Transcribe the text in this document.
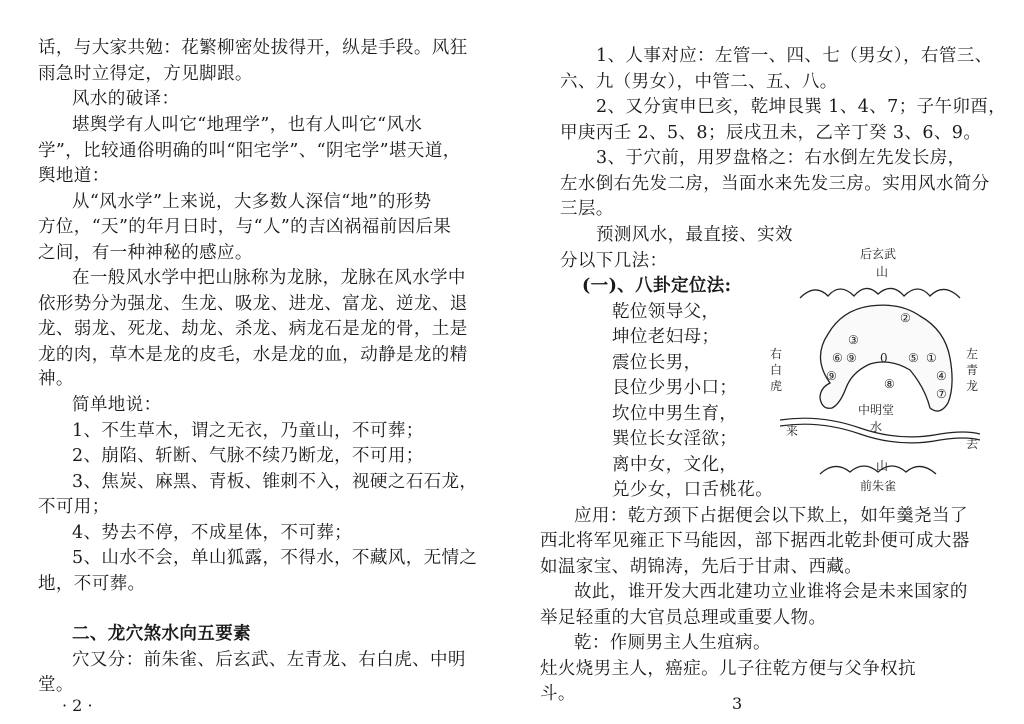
话，与大家共勉：花繁柳密处拔得开，纵是手段。风狂
雨急时立得定，方见脚跟。
风水的破译：
堪舆学有人叫它“地理学”，也有人叫它“风水
学”，比较通俗明确的叫“阳宅学”、“阴宅学”堪天道，
舆地道：
从“风水学”上来说，大多数人深信“地”的形势
方位，“天”的年月日时，与“人”的吉凶祸福前因后果
之间，有一种神秘的感应。
在一般风水学中把山脉称为龙脉，龙脉在风水学中
依形势分为强龙、生龙、吸龙、进龙、富龙、逆龙、退
龙、弱龙、死龙、劫龙、杀龙、病龙石是龙的骨，土是
龙的肉，草木是龙的皮毛，水是龙的血，动静是龙的精
神。
简单地说：
1、不生草木，谓之无衣，乃童山，不可葬；
2、崩陷、斩断、气脉不续乃断龙，不可用；
3、焦炭、麻黑、青板、锥刺不入，视硬之石石龙，
不可用；
4、势去不停，不成星体，不可葬；
5、山水不会，单山狐露，不得水，不藏风，无情之
地，不可葬。
二、龙穴煞水向五要素
穴又分：前朱雀、后玄武、左青龙、右白虎、中明
堂。
· 2 ·
1、人事对应：左管一、四、七（男女），右管三、
六、九（男女），中管二、五、八。
2、又分寅申巳亥，乾坤艮巽 1、4、7；子午卯酉，
甲庚丙壬 2、5、8；辰戌丑未，乙辛丁癸 3、6、9。
3、于穴前，用罗盘格之：右水倒左先发长房，
左水倒右先发二房，当面水来先发三房。实用风水简分
三层。
预测风水，最直接、实效
分以下几法：
(一)、八卦定位法:
乾位领导父，
坤位老妇母；
震位长男，
艮位少男小口；
坎位中男生育，
巽位长女淫欲；
离中女，文化，
兑少女，口舌桃花。
应用：乾方颈下占据便会以下欺上，如年羹尧当了
西北将军见雍正下马能因，部下据西北乾卦便可成大器
如温家宝、胡锦涛，先后于甘肃、西藏。
故此，谁开发大西北建功立业谁将会是未来国家的
举足轻重的大官员总理或重要人物。
乾：作厕男主人生疽病。
灶火烧男主人，癌症。儿子往乾方便与父争权抗
斗。	3
后玄武
山
右
白
虎
左
青
龙
中明堂
水
来
去
山
前朱雀
②
③
⑥ ⑨
⑨
0 ⑤ ①
④
⑦
⑧
